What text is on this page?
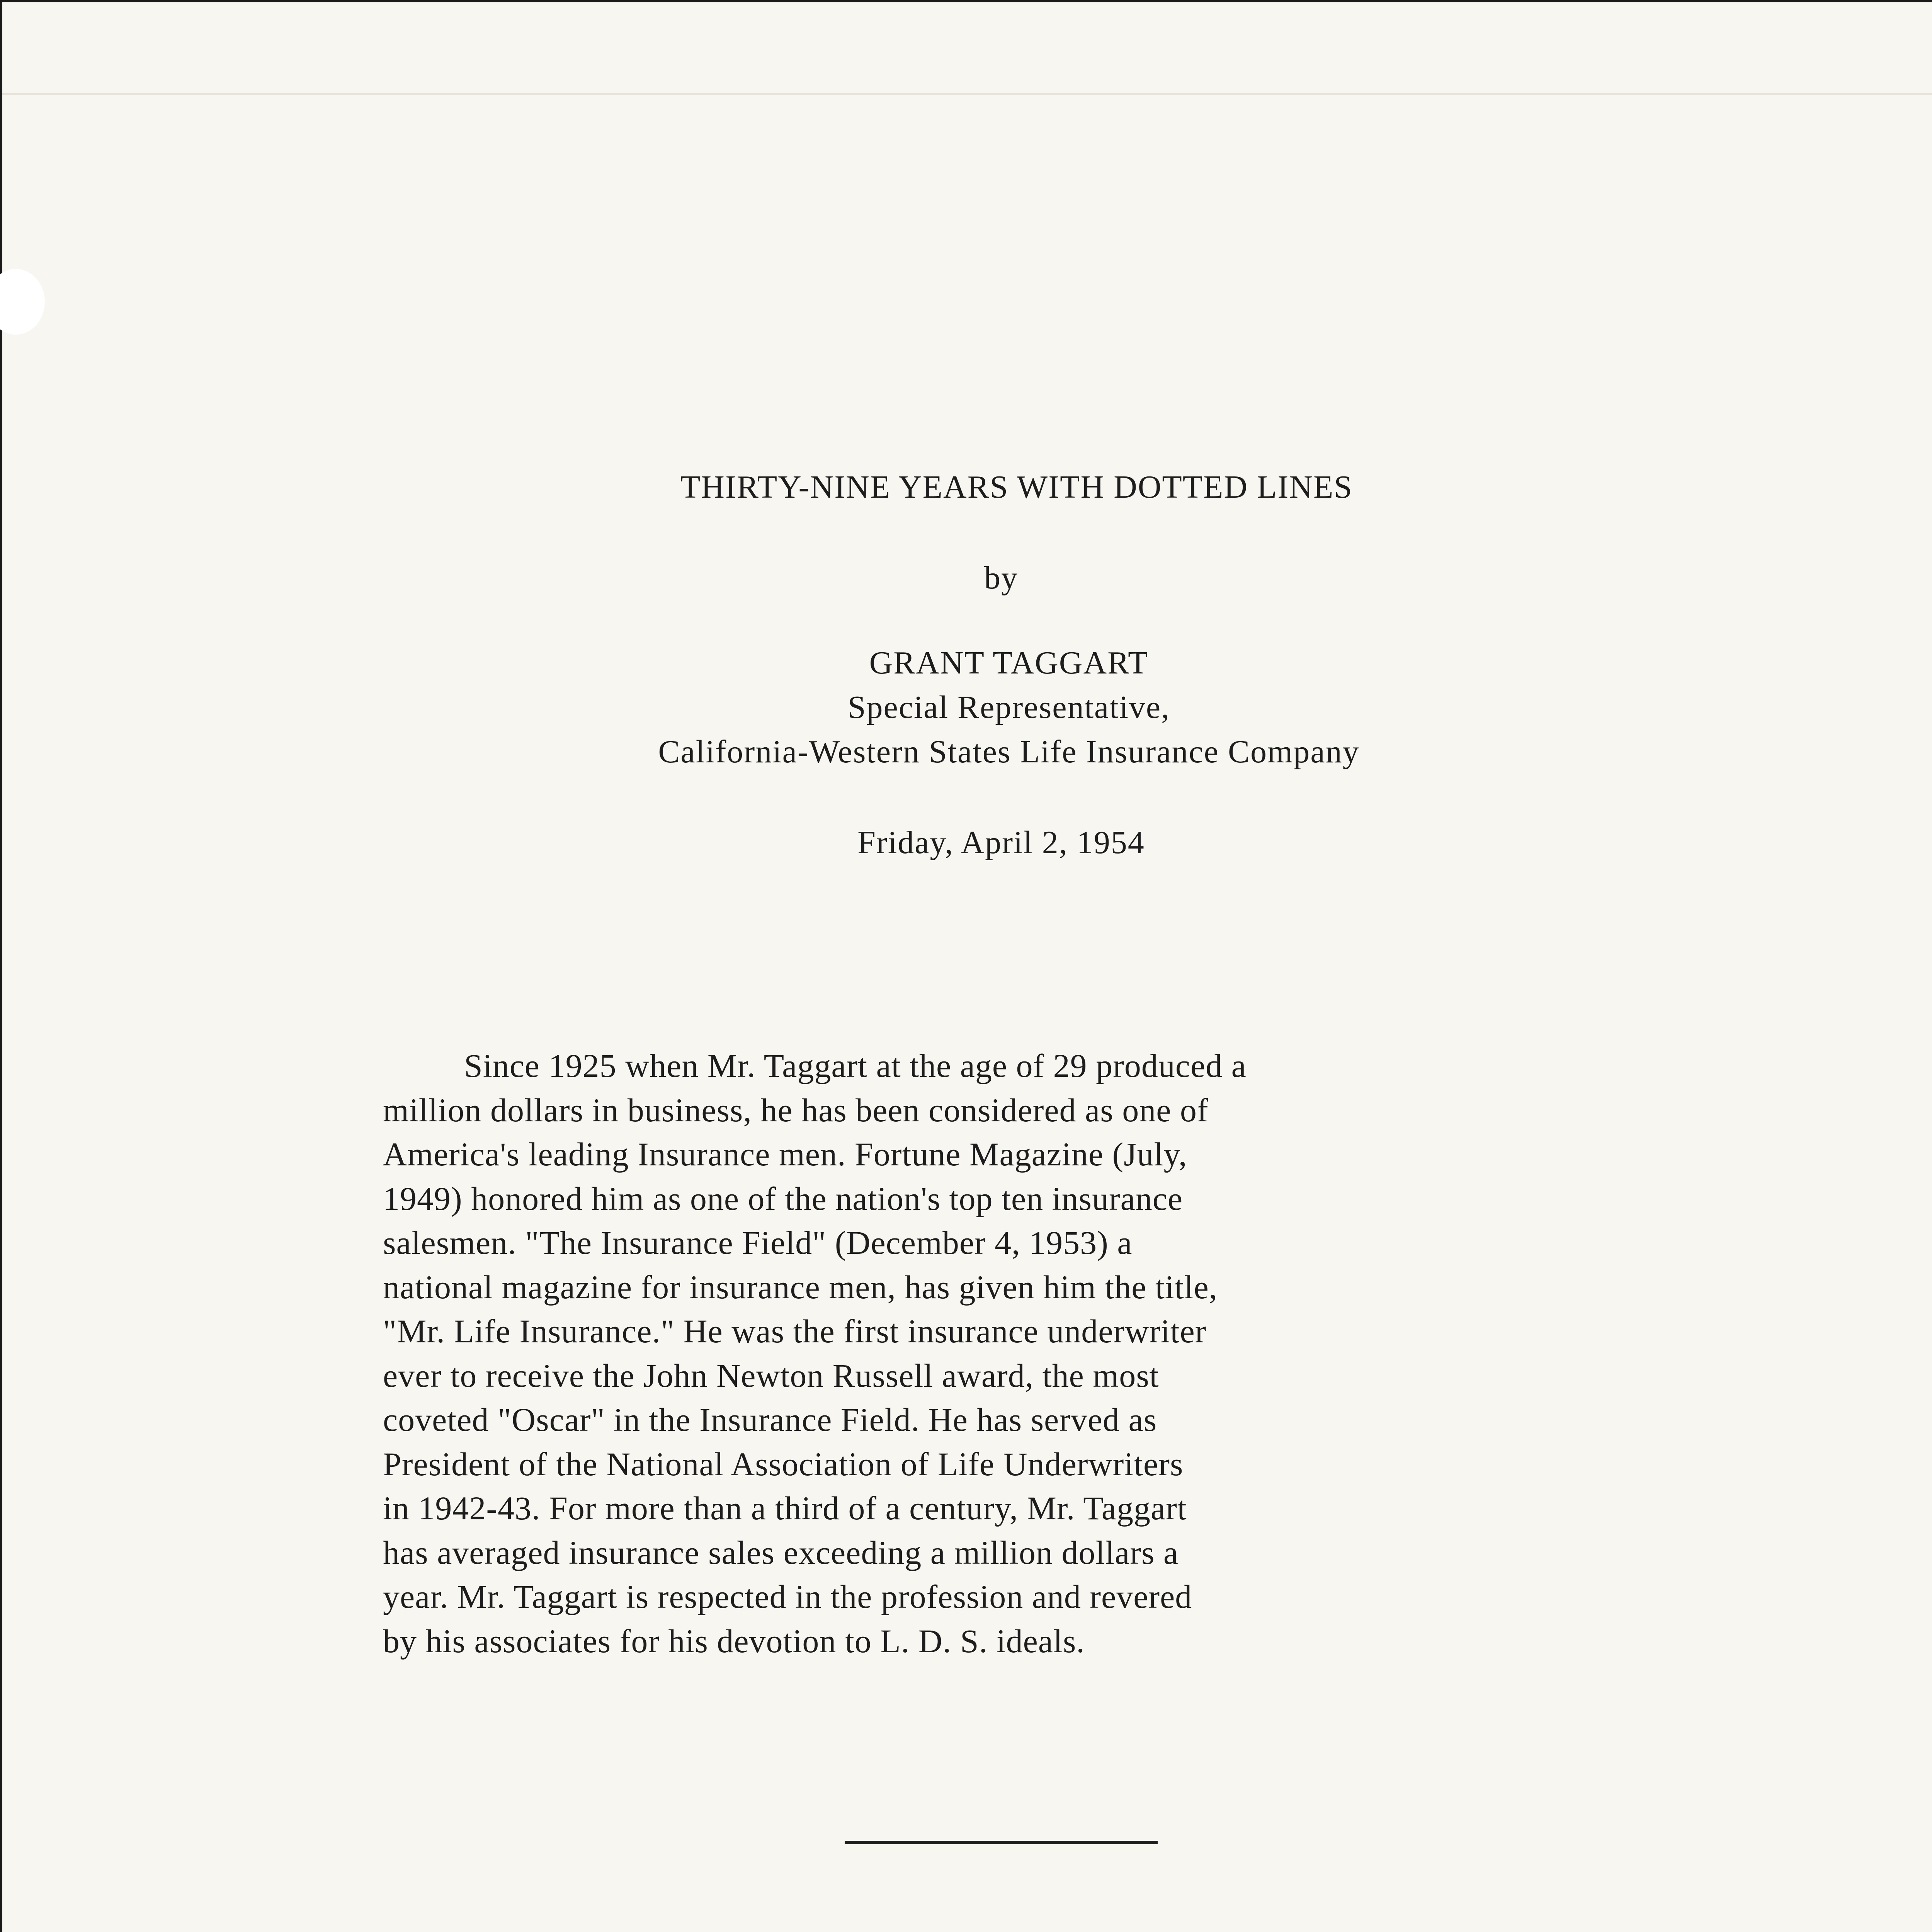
THIRTY-NINE YEARS WITH DOTTED LINES
by
GRANT TAGGART
Special Representative,
California-Western States Life Insurance Company
Friday, April 2, 1954
Since 1925 when Mr. Taggart at the age of 29 produced a
million dollars in business, he has been considered as one of
America's leading Insurance men. Fortune Magazine (July,
1949) honored him as one of the nation's top ten insurance
salesmen. "The Insurance Field" (December 4, 1953) a
national magazine for insurance men, has given him the title,
"Mr. Life Insurance." He was the first insurance underwriter
ever to receive the John Newton Russell award, the most
coveted "Oscar" in the Insurance Field. He has served as
President of the National Association of Life Underwriters
in 1942-43. For more than a third of a century, Mr. Taggart
has averaged insurance sales exceeding a million dollars a
year. Mr. Taggart is respected in the profession and revered
by his associates for his devotion to L. D. S. ideals.
